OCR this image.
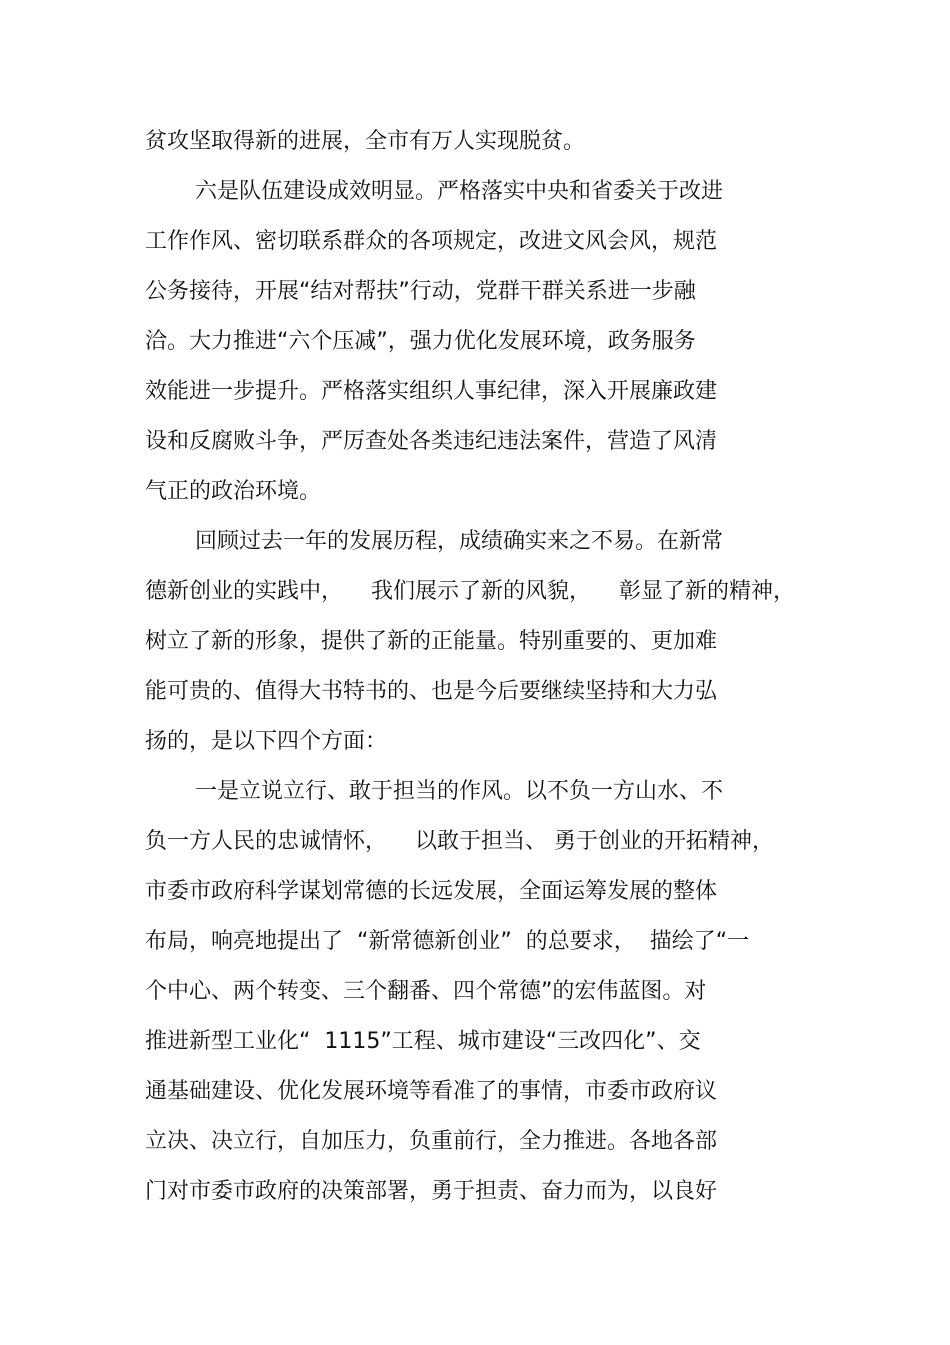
贫攻坚取得新的进展，全市有万人实现脱贫。
六是队伍建设成效明显。严格落实中央和省委关于改进
工作作风、密切联系群众的各项规定，改进文风会风，规范
公务接待，开展“结对帮扶”行动，党群干群关系进一步融
洽。大力推进“六个压减”，强力优化发展环境，政务服务
效能进一步提升。严格落实组织人事纪律，深入开展廉政建
设和反腐败斗争，严厉查处各类违纪违法案件，营造了风清
气正的政治环境。
回顾过去一年的发展历程，成绩确实来之不易。在新常
德新创业的实践中，    我们展示了新的风貌，    彰显了新的精神，
树立了新的形象，提供了新的正能量。特别重要的、更加难
能可贵的、值得大书特书的、也是今后要继续坚持和大力弘
扬的，是以下四个方面：
一是立说立行、敢于担当的作风。以不负一方山水、不
负一方人民的忠诚情怀，    以敢于担当、 勇于创业的开拓精神，
市委市政府科学谋划常德的长远发展，全面运筹发展的整体
布局，响亮地提出了  “新常德新创业”  的总要求，  描绘了“一
个中心、两个转变、三个翻番、四个常德”的宏伟蓝图。对
推进新型工业化“  1115”工程、城市建设“三改四化”、交
通基础建设、优化发展环境等看准了的事情，市委市政府议
立决、决立行，自加压力，负重前行，全力推进。各地各部
门对市委市政府的决策部署，勇于担责、奋力而为，以良好
